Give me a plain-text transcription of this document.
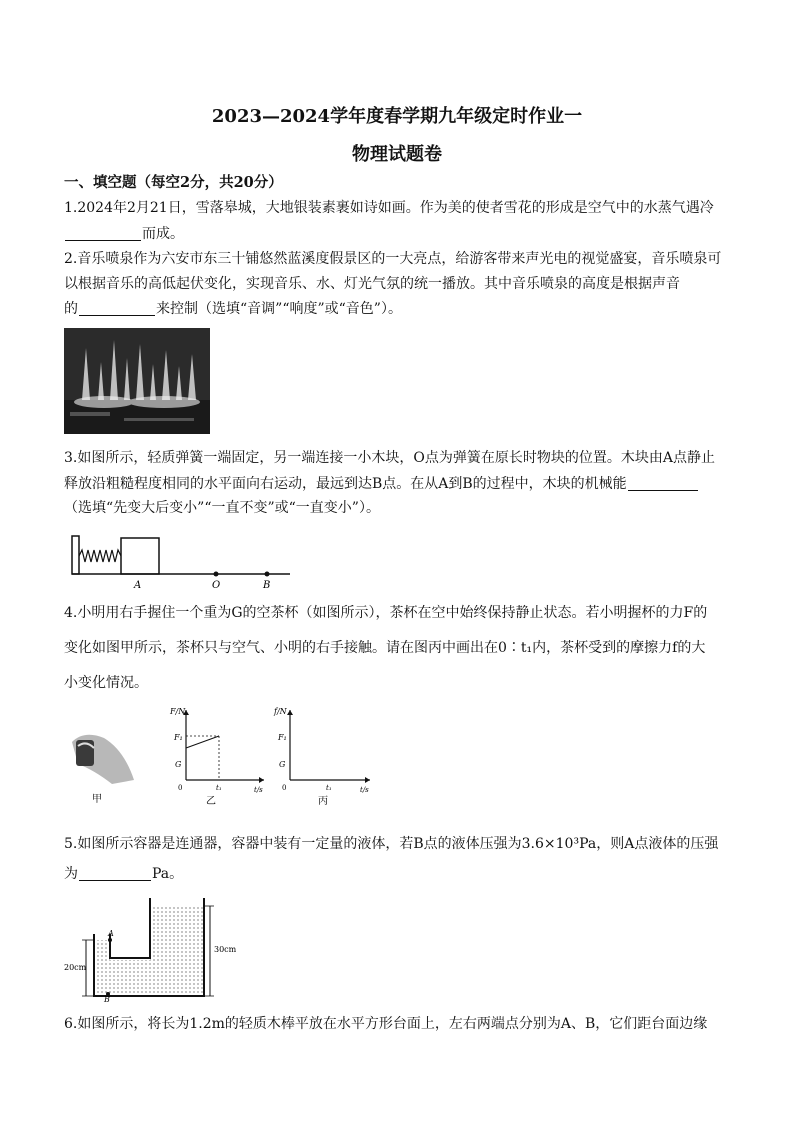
2023—2024学年度春学期九年级定时作业一
物理试题卷
一、填空题（每空2分，共20分）
1.2024年2月21日，雪落皋城，大地银装素裹如诗如画。作为美的使者雪花的形成是空气中的水蒸气遇冷
而成。
2.音乐喷泉作为六安市东三十铺悠然蓝溪度假景区的一大亮点，给游客带来声光电的视觉盛宴，音乐喷泉可
以根据音乐的高低起伏变化，实现音乐、水、灯光气氛的统一播放。其中音乐喷泉的高度是根据声音
的	来控制（选填“音调”“响度”或“音色”）。
3.如图所示，轻质弹簧一端固定，另一端连接一小木块，O点为弹簧在原长时物块的位置。木块由A点静止
释放沿粗糙程度相同的水平面向右运动，最远到达B点。在从A到B的过程中，木块的机械能
（选填“先变大后变小”“一直不变”或“一直变小”）。
A	O	B
4.小明用右手握住一个重为G的空茶杯（如图所示），茶杯在空中始终保持静止状态。若小明握杯的力F的
变化如图甲所示，茶杯只与空气、小明的右手接触。请在图丙中画出在0∶t₁内，茶杯受到的摩擦力f的大
小变化情况。
甲
F/N
F₁
G
t₁	t/s
0
乙
f/N
F₁
G
t₁	t/s
0
丙
5.如图所示容器是连通器，容器中装有一定量的液体，若B点的液体压强为3.6×10³Pa，则A点液体的压强
为	Pa。
20cm
30cm
A
B
6.如图所示，将长为1.2m的轻质木棒平放在水平方形台面上，左右两端点分别为A、B，它们距台面边缘
